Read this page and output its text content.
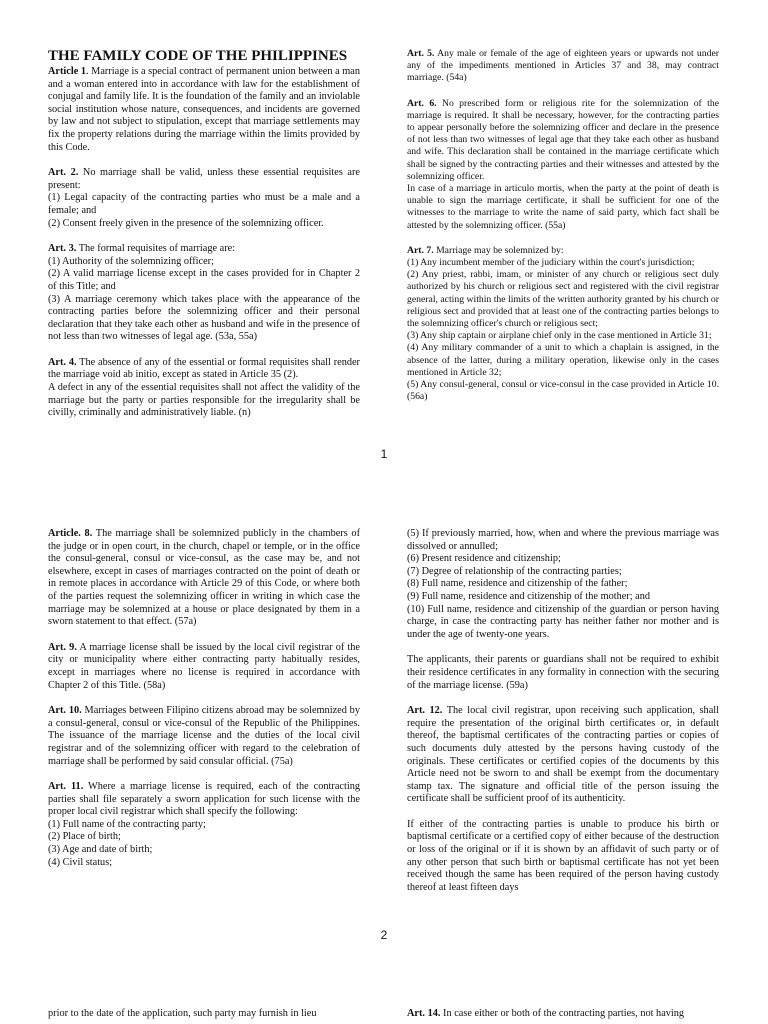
THE FAMILY CODE OF THE PHILIPPINES

Article 1. Marriage is a special contract of permanent union between a man and a woman entered into in accordance with law for the establishment of conjugal and family life. It is the foundation of the family and an inviolable social institution whose nature, consequences, and incidents are governed by law and not subject to stipulation, except that marriage settlements may fix the property relations during the marriage within the limits provided by this Code.

Art. 2. No marriage shall be valid, unless these essential requisites are present:

(1) Legal capacity of the contracting parties who must be a male and a female; and

(2) Consent freely given in the presence of the solemnizing officer.

Art. 3. The formal requisites of marriage are:

(1) Authority of the solemnizing officer;

(2) A valid marriage license except in the cases provided for in Chapter 2 of this Title; and

(3) A marriage ceremony which takes place with the appearance of the contracting parties before the solemnizing officer and their personal declaration that they take each other as husband and wife in the presence of not less than two witnesses of legal age. (53a, 55a)

Art. 4. The absence of any of the essential or formal requisites shall render the marriage void ab initio, except as stated in Article 35 (2).

A defect in any of the essential requisites shall not affect the validity of the marriage but the party or parties responsible for the irregularity shall be civilly, criminally and administratively liable. (n)

Art. 5. Any male or female of the age of eighteen years or upwards not under any of the impediments mentioned in Articles 37 and 38, may contract marriage. (54a)

Art. 6. No prescribed form or religious rite for the solemnization of the marriage is required. It shall be necessary, however, for the contracting parties to appear personally before the solemnizing officer and declare in the presence of not less than two witnesses of legal age that they take each other as husband and wife. This declaration shall be contained in the marriage certificate which shall be signed by the contracting parties and their witnesses and attested by the solemnizing officer.

In case of a marriage in articulo mortis, when the party at the point of death is unable to sign the marriage certificate, it shall be sufficient for one of the witnesses to the marriage to write the name of said party, which fact shall be attested by the solemnizing officer. (55a)

Art. 7. Marriage may be solemnized by:

(1) Any incumbent member of the judiciary within the court's jurisdiction;

(2) Any priest, rabbi, imam, or minister of any church or religious sect duly authorized by his church or religious sect and registered with the civil registrar general, acting within the limits of the written authority granted by his church or religious sect and provided that at least one of the contracting parties belongs to the solemnizing officer's church or religious sect;

(3) Any ship captain or airplane chief only in the case mentioned in Article 31;

(4) Any military commander of a unit to which a chaplain is assigned, in the absence of the latter, during a military operation, likewise only in the cases mentioned in Article 32;

(5) Any consul-general, consul or vice-consul in the case provided in Article 10. (56a)

1

Article. 8. The marriage shall be solemnized publicly in the chambers of the judge or in open court, in the church, chapel or temple, or in the office the consul-general, consul or vice-consul, as the case may be, and not elsewhere, except in cases of marriages contracted on the point of death or in remote places in accordance with Article 29 of this Code, or where both of the parties request the solemnizing officer in writing in which case the marriage may be solemnized at a house or place designated by them in a sworn statement to that effect. (57a)

Art. 9. A marriage license shall be issued by the local civil registrar of the city or municipality where either contracting party habitually resides, except in marriages where no license is required in accordance with Chapter 2 of this Title. (58a)

Art. 10. Marriages between Filipino citizens abroad may be solemnized by a consul-general, consul or vice-consul of the Republic of the Philippines. The issuance of the marriage license and the duties of the local civil registrar and of the solemnizing officer with regard to the celebration of marriage shall be performed by said consular official. (75a)

Art. 11. Where a marriage license is required, each of the contracting parties shall file separately a sworn application for such license with the proper local civil registrar which shall specify the following:

(1) Full name of the contracting party;

(2) Place of birth;

(3) Age and date of birth;

(4) Civil status;

(5) If previously married, how, when and where the previous marriage was dissolved or annulled;

(6) Present residence and citizenship;

(7) Degree of relationship of the contracting parties;

(8) Full name, residence and citizenship of the father;

(9) Full name, residence and citizenship of the mother; and

(10) Full name, residence and citizenship of the guardian or person having charge, in case the contracting party has neither father nor mother and is under the age of twenty-one years.

The applicants, their parents or guardians shall not be required to exhibit their residence certificates in any formality in connection with the securing of the marriage license. (59a)

Art. 12. The local civil registrar, upon receiving such application, shall require the presentation of the original birth certificates or, in default thereof, the baptismal certificates of the contracting parties or copies of such documents duly attested by the persons having custody of the originals. These certificates or certified copies of the documents by this Article need not be sworn to and shall be exempt from the documentary stamp tax. The signature and official title of the person issuing the certificate shall be sufficient proof of its authenticity.

If either of the contracting parties is unable to produce his birth or baptismal certificate or a certified copy of either because of the destruction or loss of the original or if it is shown by an affidavit of such party or of any other person that such birth or baptismal certificate has not yet been received though the same has been required of the person having custody thereof at least fifteen days

2

prior to the date of the application, such party may furnish in lieu	Art. 14. In case either or both of the contracting parties, not having
